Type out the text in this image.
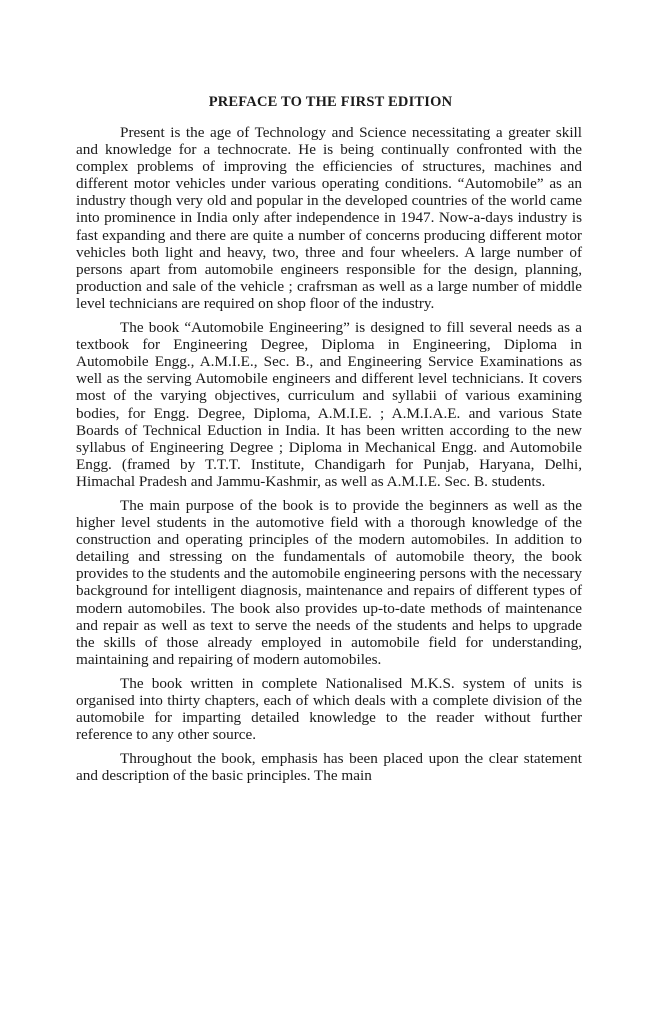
PREFACE TO THE FIRST EDITION

Present is the age of Technology and Science necessitating a greater skill and knowledge for a technocrate. He is being continually confronted with the complex problems of improving the efficiencies of structures, machines and different motor vehicles under various operating conditions. “Automobile” as an industry though very old and popular in the developed countries of the world came into prominence in India only after independence in 1947. Now-a-days industry is fast expanding and there are quite a number of concerns producing different motor vehicles both light and heavy, two, three and four wheelers. A large number of persons apart from automobile engineers responsible for the design, planning, production and sale of the vehicle ; crafrsman as well as a large number of middle level technicians are required on shop floor of the industry.

The book “Automobile Engineering” is designed to fill several needs as a textbook for Engineering Degree, Diploma in Engineering, Diploma in Automobile Engg., A.M.I.E., Sec. B., and Engineering Service Examinations as well as the serving Automobile engineers and different level technicians. It covers most of the varying objectives, curriculum and syllabii of various examining bodies, for Engg. Degree, Diploma, A.M.I.E. ; A.M.I.A.E. and various State Boards of Technical Eduction in India. It has been written according to the new syllabus of Engineering Degree ; Diploma in Mechanical Engg. and Automobile Engg. (framed by T.T.T. Institute, Chandigarh for Punjab, Haryana, Delhi, Himachal Pradesh and Jammu-Kashmir, as well as A.M.I.E. Sec. B. students.

The main purpose of the book is to provide the beginners as well as the higher level students in the automotive field with a thorough knowledge of the construction and operating principles of the modern automobiles. In addition to detailing and stressing on the fundamentals of automobile theory, the book provides to the students and the automobile engineering persons with the necessary background for intelligent diagnosis, maintenance and repairs of different types of modern automobiles. The book also provides up-to-date methods of maintenance and repair as well as text to serve the needs of the students and helps to upgrade the skills of those already employed in automobile field for understanding, maintaining and repairing of modern automobiles.

The book written in complete Nationalised M.K.S. system of units is organised into thirty chapters, each of which deals with a complete division of the automobile for imparting detailed knowledge to the reader without further reference to any other source.

Throughout the book, emphasis has been placed upon the clear statement and description of the basic principles. The main
